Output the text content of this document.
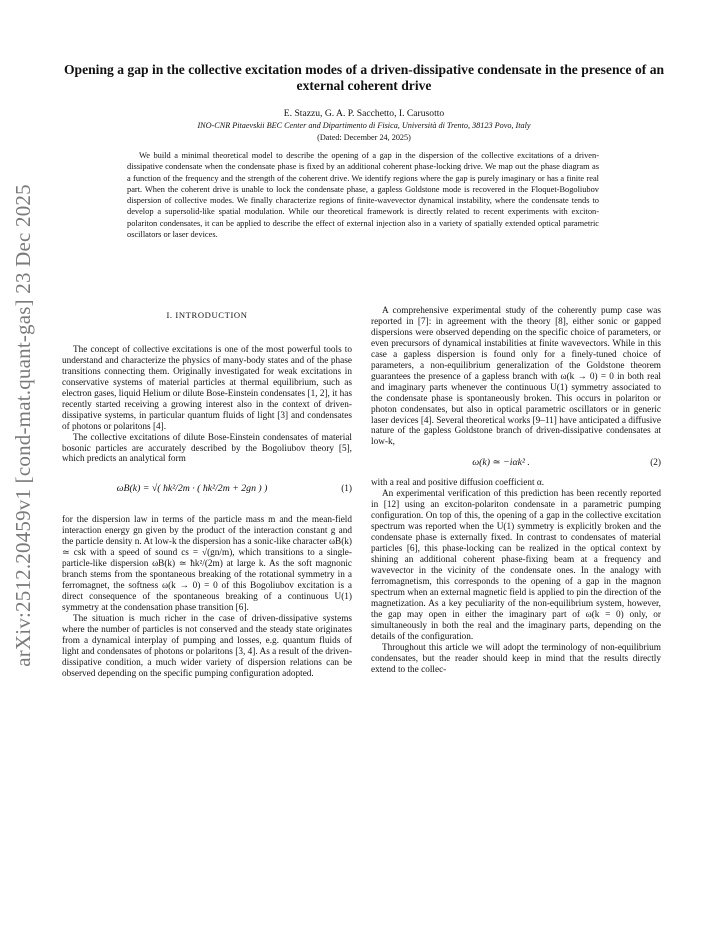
arXiv:2512.20459v1 [cond-mat.quant-gas] 23 Dec 2025
Opening a gap in the collective excitation modes of a driven-dissipative condensate in the presence of an external coherent drive
E. Stazzu, G. A. P. Sacchetto, I. Carusotto
INO-CNR Pitaevskii BEC Center and Dipartimento di Fisica, Università di Trento, 38123 Povo, Italy
(Dated: December 24, 2025)
We build a minimal theoretical model to describe the opening of a gap in the dispersion of the collective excitations of a driven-dissipative condensate when the condensate phase is fixed by an additional coherent phase-locking drive. We map out the phase diagram as a function of the frequency and the strength of the coherent drive. We identify regions where the gap is purely imaginary or has a finite real part. When the coherent drive is unable to lock the condensate phase, a gapless Goldstone mode is recovered in the Floquet-Bogoliubov dispersion of collective modes. We finally characterize regions of finite-wavevector dynamical instability, where the condensate tends to develop a supersolid-like spatial modulation. While our theoretical framework is directly related to recent experiments with exciton-polariton condensates, it can be applied to describe the effect of external injection also in a variety of spatially extended optical parametric oscillators or laser devices.
I. INTRODUCTION

The concept of collective excitations is one of the most powerful tools to understand and characterize the physics of many-body states and of the phase transitions connecting them. Originally investigated for weak excitations in conservative systems of material particles at thermal equilibrium, such as electron gases, liquid Helium or dilute Bose-Einstein condensates [1, 2], it has recently started receiving a growing interest also in the context of driven-dissipative systems, in particular quantum fluids of light [3] and condensates of photons or polaritons [4].

The collective excitations of dilute Bose-Einstein condensates of material bosonic particles are accurately described by the Bogoliubov theory [5], which predicts an analytical form

ωB(k) = √( ħk²/2m · ( ħk²/2m + 2gn ) )	(1)

for the dispersion law in terms of the particle mass m and the mean-field interaction energy gn given by the product of the interaction constant g and the particle density n. At low-k the dispersion has a sonic-like character ωB(k) ≃ csk with a speed of sound cs = √(gn/m), which transitions to a single-particle-like dispersion ωB(k) ≃ ħk²/(2m) at large k. As the soft magnonic branch stems from the spontaneous breaking of the rotational symmetry in a ferromagnet, the softness ω(k → 0) = 0 of this Bogoliubov excitation is a direct consequence of the spontaneous breaking of a continuous U(1) symmetry at the condensation phase transition [6].

The situation is much richer in the case of driven-dissipative systems where the number of particles is not conserved and the steady state originates from a dynamical interplay of pumping and losses, e.g. quantum fluids of light and condensates of photons or polaritons [3, 4]. As a result of the driven-dissipative condition, a much wider variety of dispersion relations can be observed depending on the specific pumping configuration adopted.

A comprehensive experimental study of the coherently pump case was reported in [7]: in agreement with the theory [8], either sonic or gapped dispersions were observed depending on the specific choice of parameters, or even precursors of dynamical instabilities at finite wavevectors. While in this case a gapless dispersion is found only for a finely-tuned choice of parameters, a non-equilibrium generalization of the Goldstone theorem guarantees the presence of a gapless branch with ω(k → 0) = 0 in both real and imaginary parts whenever the continuous U(1) symmetry associated to the condensate phase is spontaneously broken. This occurs in polariton or photon condensates, but also in optical parametric oscillators or in generic laser devices [4]. Several theoretical works [9–11] have anticipated a diffusive nature of the gapless Goldstone branch of driven-dissipative condensates at low-k,

ω(k) ≃ −iαk² .	(2)

with a real and positive diffusion coefficient α.

An experimental verification of this prediction has been recently reported in [12] using an exciton-polariton condensate in a parametric pumping configuration. On top of this, the opening of a gap in the collective excitation spectrum was reported when the U(1) symmetry is explicitly broken and the condensate phase is externally fixed. In contrast to condensates of material particles [6], this phase-locking can be realized in the optical context by shining an additional coherent phase-fixing beam at a frequency and wavevector in the vicinity of the condensate ones. In the analogy with ferromagnetism, this corresponds to the opening of a gap in the magnon spectrum when an external magnetic field is applied to pin the direction of the magnetization. As a key peculiarity of the non-equilibrium system, however, the gap may open in either the imaginary part of ω(k = 0) only, or simultaneously in both the real and the imaginary parts, depending on the details of the configuration.

Throughout this article we will adopt the terminology of non-equilibrium condensates, but the reader should keep in mind that the results directly extend to the collec-
